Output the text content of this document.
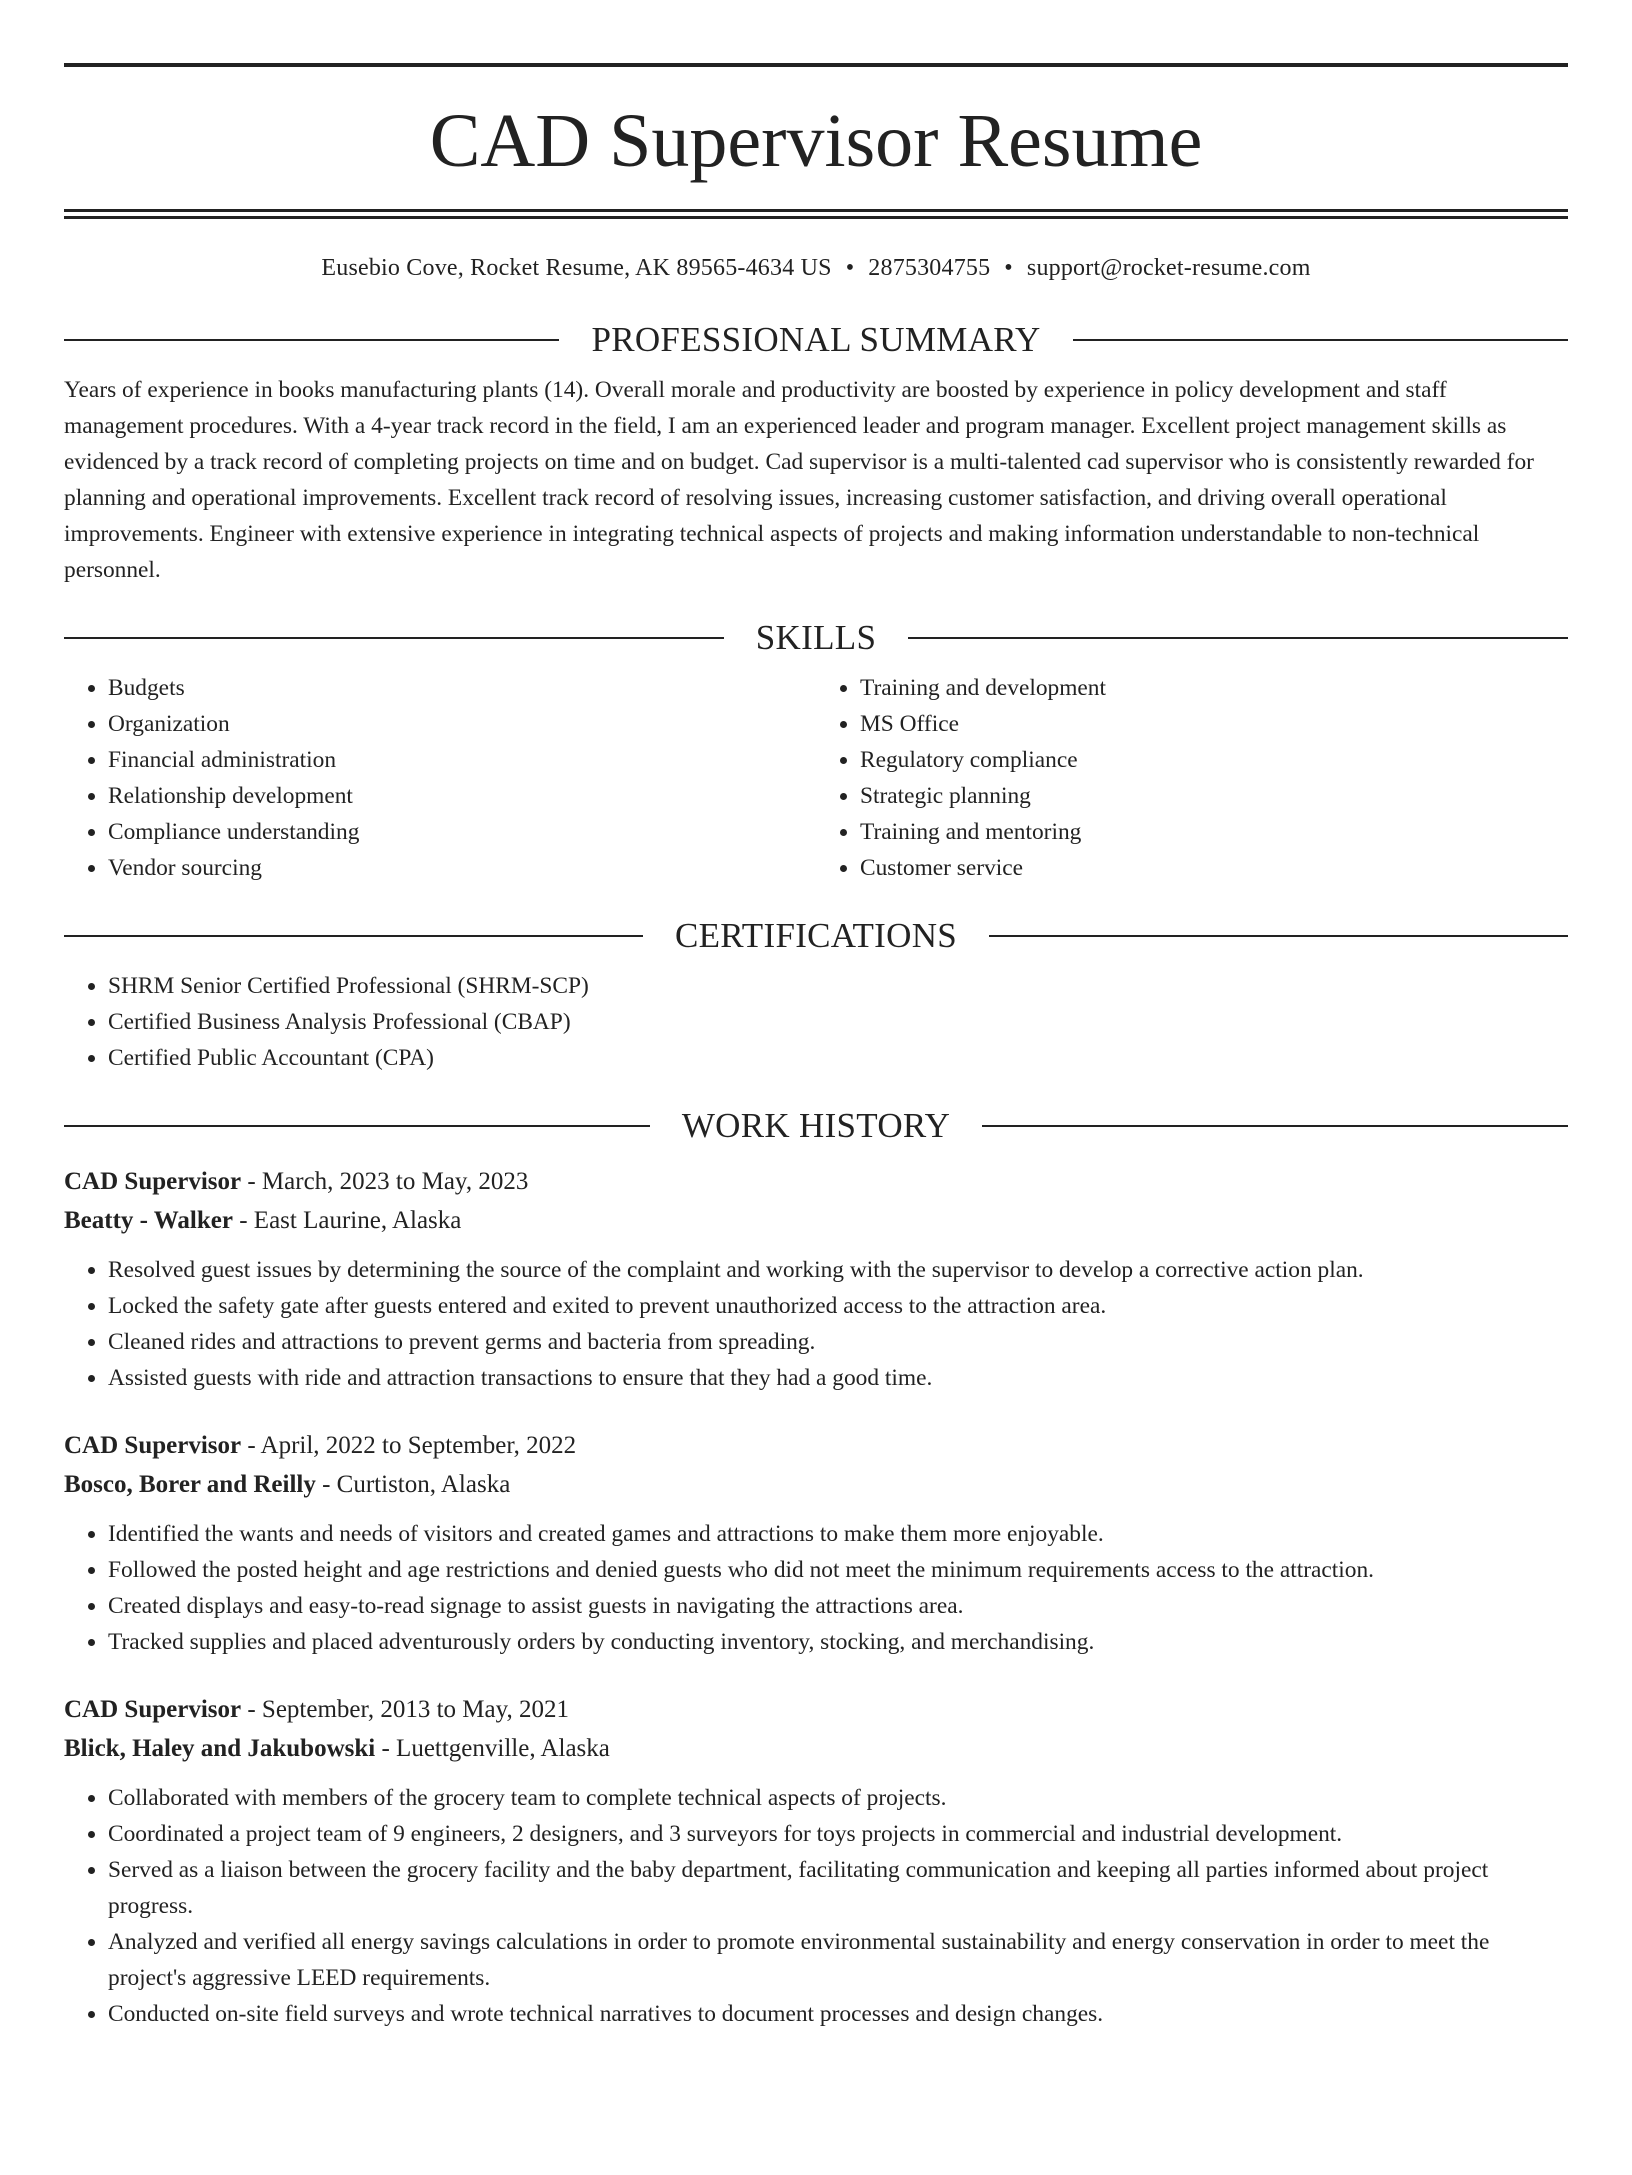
CAD Supervisor Resume
Eusebio Cove, Rocket Resume, AK 89565-4634 US • 2875304755 • support@rocket-resume.com
PROFESSIONAL SUMMARY

Years of experience in books manufacturing plants (14). Overall morale and productivity are boosted by experience in policy development and staff management procedures. With a 4-year track record in the field, I am an experienced leader and program manager. Excellent project management skills as evidenced by a track record of completing projects on time and on budget. Cad supervisor is a multi-talented cad supervisor who is consistently rewarded for planning and operational improvements. Excellent track record of resolving issues, increasing customer satisfaction, and driving overall operational improvements. Engineer with extensive experience in integrating technical aspects of projects and making information understandable to non-technical personnel.

SKILLS
• Budgets
• Organization
• Financial administration
• Relationship development
• Compliance understanding
• Vendor sourcing
• Training and development
• MS Office
• Regulatory compliance
• Strategic planning
• Training and mentoring
• Customer service
CERTIFICATIONS
• SHRM Senior Certified Professional (SHRM-SCP)
• Certified Business Analysis Professional (CBAP)
• Certified Public Accountant (CPA)
WORK HISTORY
CAD Supervisor - March, 2023 to May, 2023
Beatty - Walker - East Laurine, Alaska
• Resolved guest issues by determining the source of the complaint and working with the supervisor to develop a corrective action plan.
• Locked the safety gate after guests entered and exited to prevent unauthorized access to the attraction area.
• Cleaned rides and attractions to prevent germs and bacteria from spreading.
• Assisted guests with ride and attraction transactions to ensure that they had a good time.
CAD Supervisor - April, 2022 to September, 2022
Bosco, Borer and Reilly - Curtiston, Alaska
• Identified the wants and needs of visitors and created games and attractions to make them more enjoyable.
• Followed the posted height and age restrictions and denied guests who did not meet the minimum requirements access to the attraction.
• Created displays and easy-to-read signage to assist guests in navigating the attractions area.
• Tracked supplies and placed adventurously orders by conducting inventory, stocking, and merchandising.
CAD Supervisor - September, 2013 to May, 2021
Blick, Haley and Jakubowski - Luettgenville, Alaska
• Collaborated with members of the grocery team to complete technical aspects of projects.
• Coordinated a project team of 9 engineers, 2 designers, and 3 surveyors for toys projects in commercial and industrial development.
• Served as a liaison between the grocery facility and the baby department, facilitating communication and keeping all parties informed about project progress.
• Analyzed and verified all energy savings calculations in order to promote environmental sustainability and energy conservation in order to meet the project's aggressive LEED requirements.
• Conducted on-site field surveys and wrote technical narratives to document processes and design changes.
